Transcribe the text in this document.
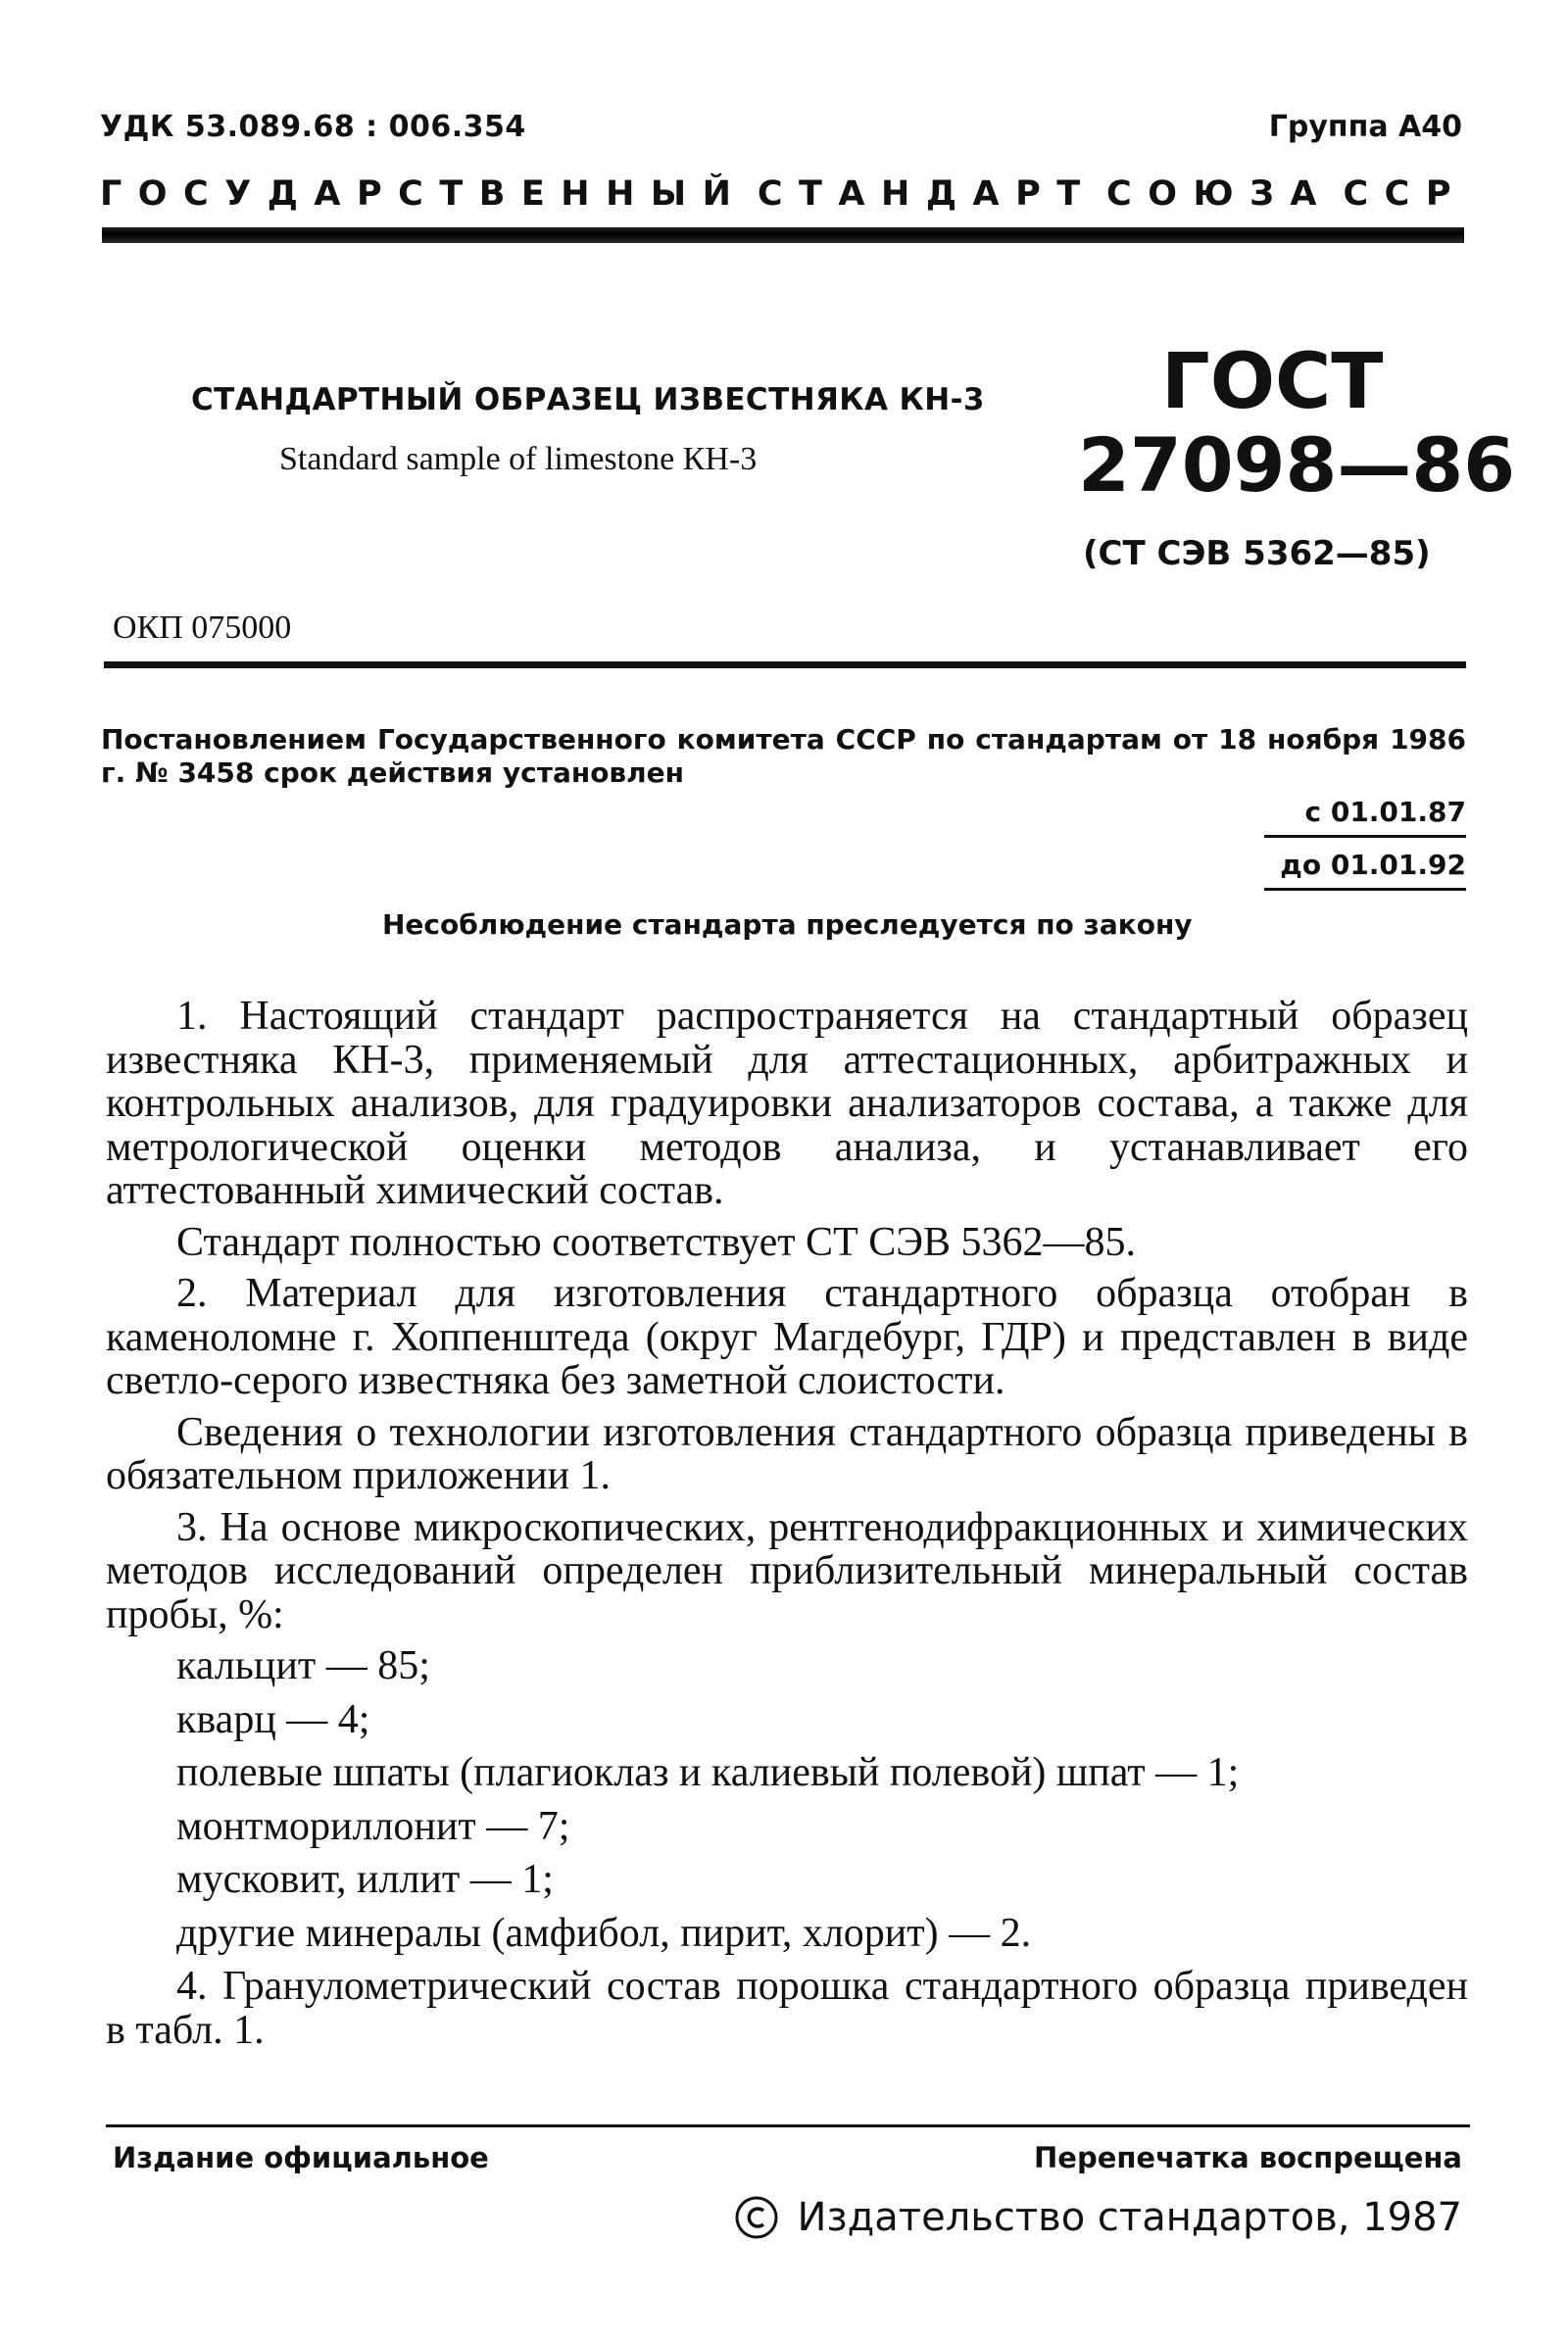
УДК 53.089.68 : 006.354	Группа А40
ГОСУДАРСТВЕННЫЙ СТАНДАРТ СОЮЗА ССР
СТАНДАРТНЫЙ ОБРАЗЕЦ ИЗВЕСТНЯКА КН-3
Standard sample of limestone КН-3
ГОСТ
27098—86
(СТ СЭВ 5362—85)
ОКП 075000
Постановлением Государственного комитета СССР по стандартам от 18 ноября 1986 г. № 3458 срок действия установлен
с 01.01.87
до 01.01.92
Несоблюдение стандарта преследуется по закону

1. Настоящий стандарт распространяется на стандартный образец известняка КН-3, применяемый для аттестационных, арбитражных и контрольных анализов, для градуировки анализаторов состава, а также для метрологической оценки методов анализа, и устанавливает его аттестованный химический состав.

Стандарт полностью соответствует СТ СЭВ 5362—85.

2. Материал для изготовления стандартного образца отобран в каменоломне г. Хоппенштеда (округ Магдебург, ГДР) и представлен в виде светло-серого известняка без заметной слоистости.

Сведения о технологии изготовления стандартного образца приведены в обязательном приложении 1.

3. На основе микроскопических, рентгенодифракционных и химических методов исследований определен приблизительный минеральный состав пробы, %:

кальцит — 85;
кварц — 4;
полевые шпаты (плагиоклаз и калиевый полевой) шпат — 1;
монтмориллонит — 7;
мусковит, иллит — 1;
другие минералы (амфибол, пирит, хлорит) — 2.

4. Гранулометрический состав порошка стандартного образца приведен в табл. 1.

Издание официальное	Перепечатка воспрещена
Издательство стандартов, 1987
